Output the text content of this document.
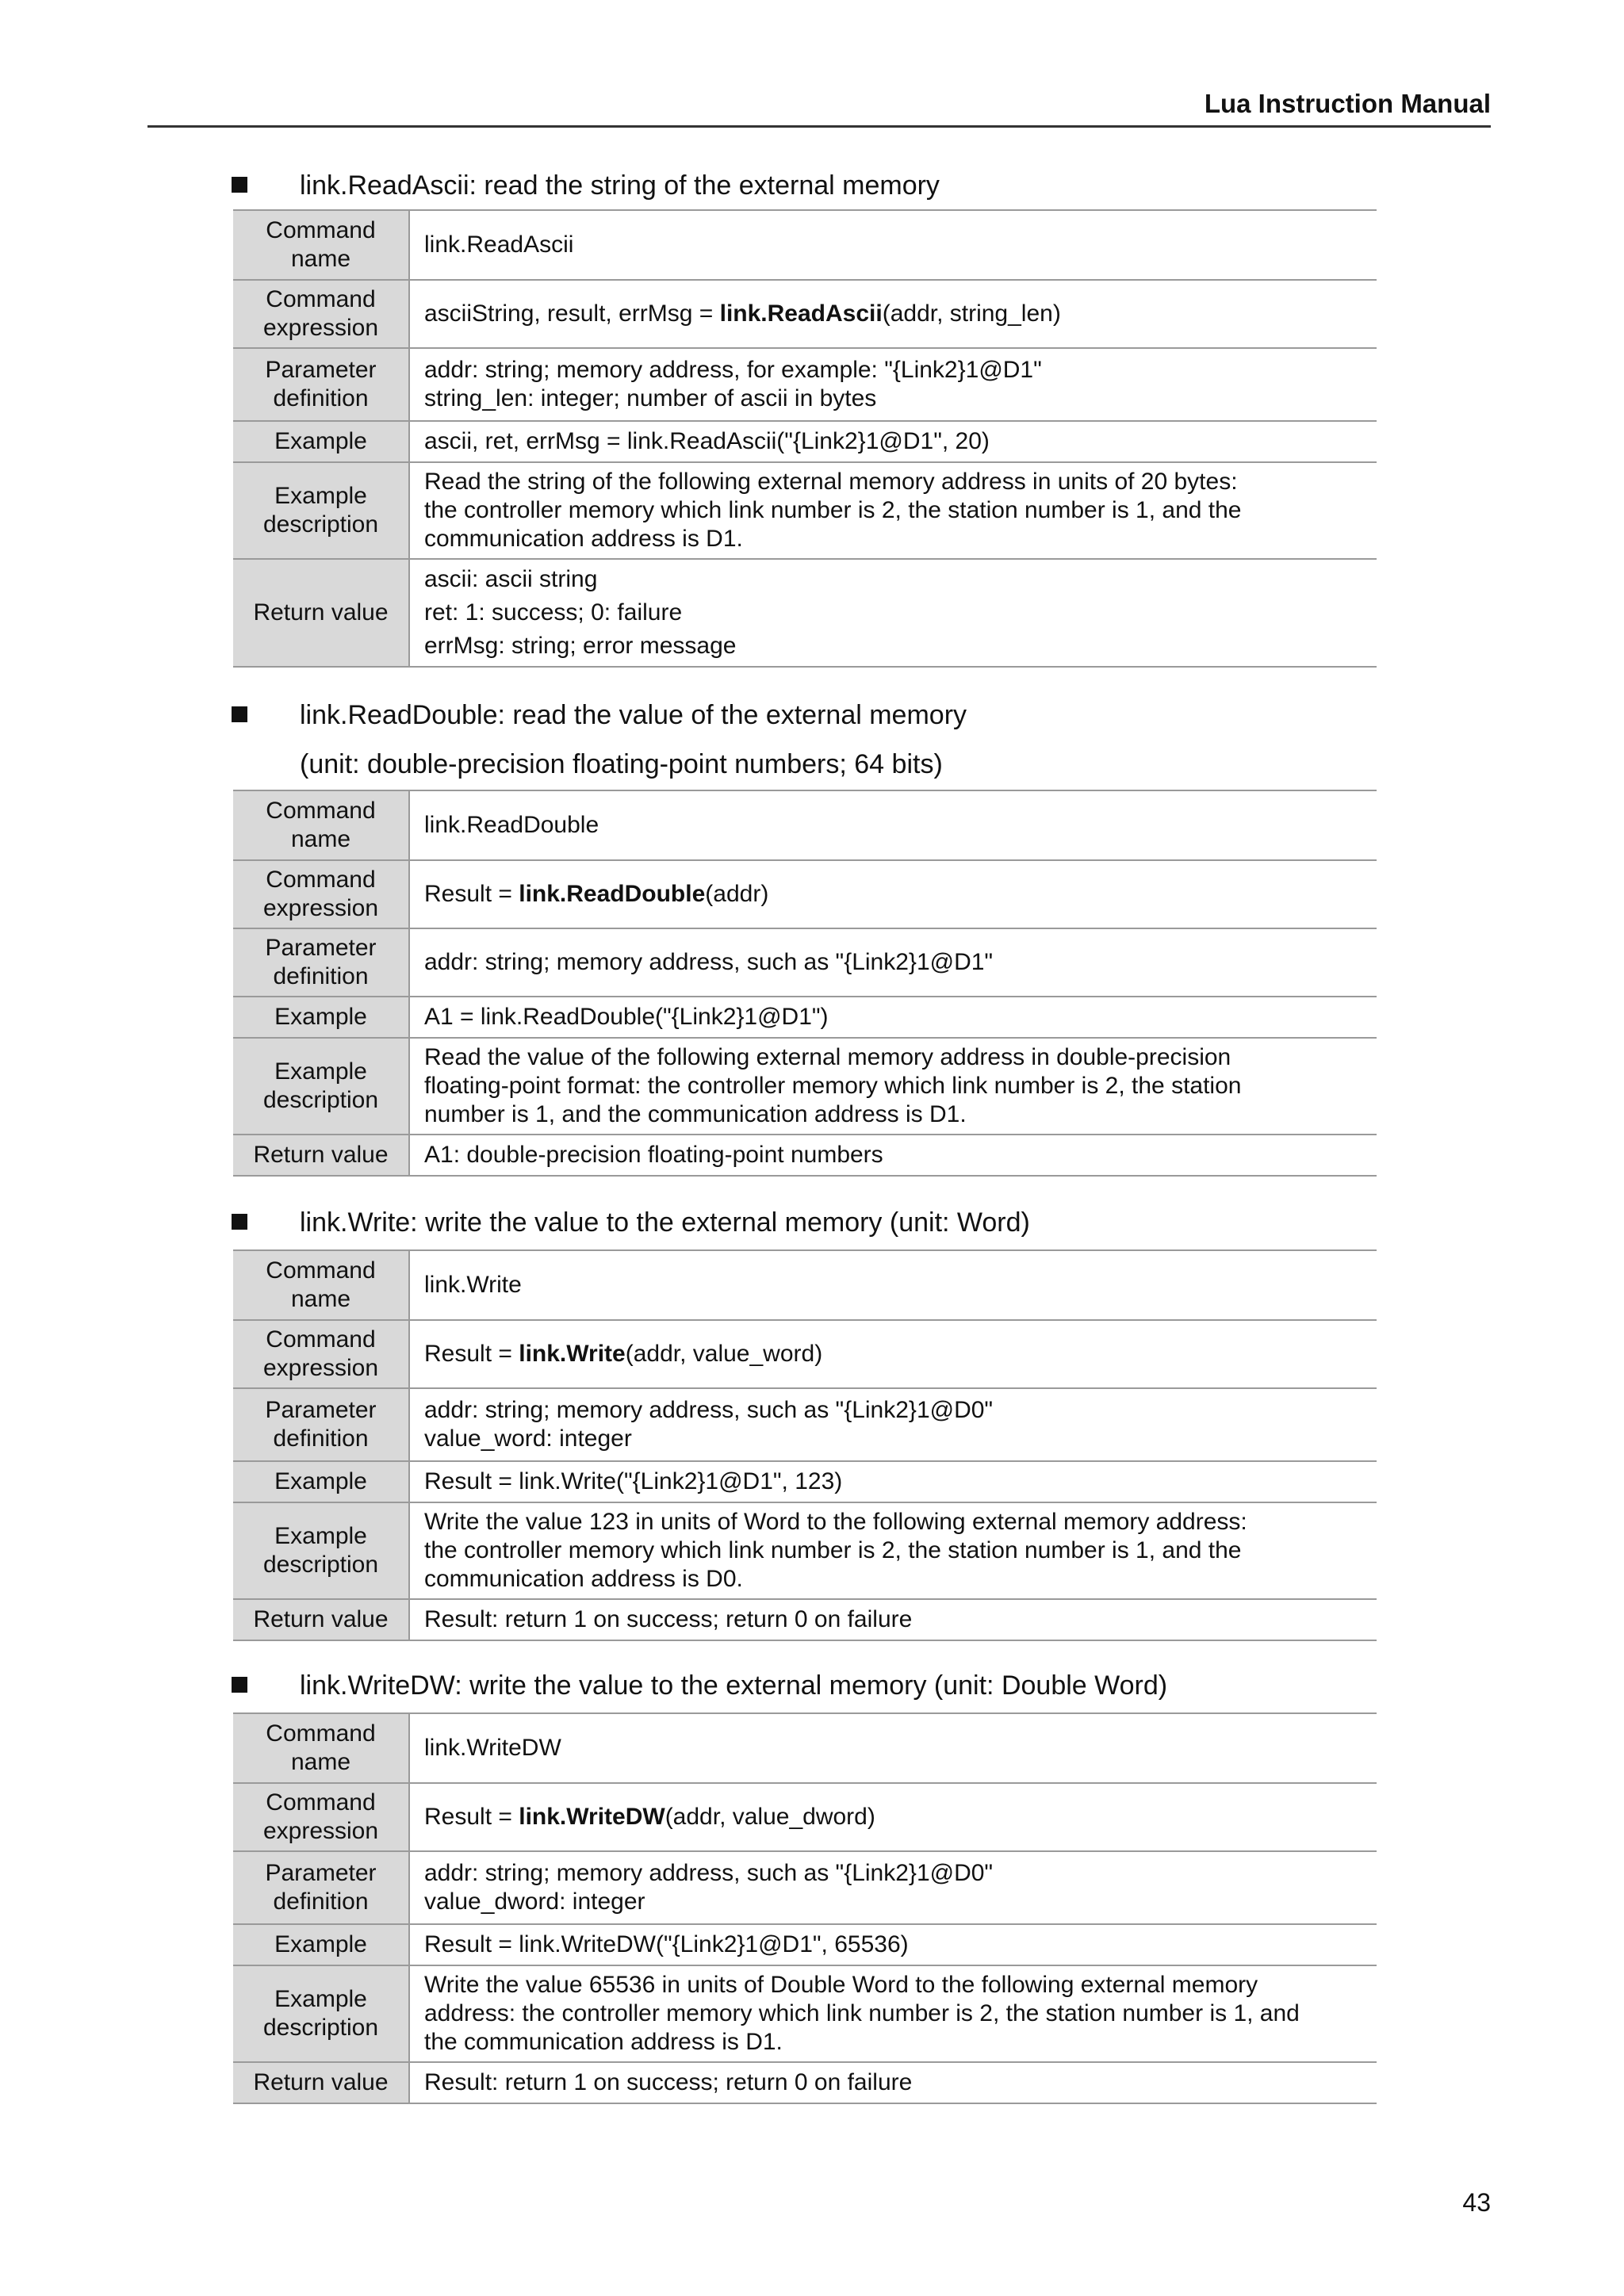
Lua Instruction Manual
link.ReadAscii: read the string of the external memory
Command name	link.ReadAscii
Command expression	asciiString, result, errMsg = link.ReadAscii(addr, string_len)
Parameter definition	addr: string; memory address, for example: "{Link2}1@D1"
string_len: integer; number of ascii in bytes

Example	ascii, ret, errMsg = link.ReadAscii("{Link2}1@D1", 20)
Example description	Read the string of the following external memory address in units of 20 bytes:
the controller memory which link number is 2, the station number is 1, and the
communication address is D1.

Return value	ascii: ascii string
ret: 1: success; 0: failure
errMsg: string; error message
link.ReadDouble: read the value of the external memory
(unit: double-precision floating-point numbers; 64 bits)
Command name	link.ReadDouble
Command expression	Result = link.ReadDouble(addr)
Parameter definition	addr: string; memory address, such as "{Link2}1@D1"
Example	A1 = link.ReadDouble("{Link2}1@D1")
Example description	Read the value of the following external memory address in double-precision
floating-point format: the controller memory which link number is 2, the station
number is 1, and the communication address is D1.

Return value	A1: double-precision floating-point numbers
link.Write: write the value to the external memory (unit: Word)
Command name	link.Write
Command expression	Result = link.Write(addr, value_word)
Parameter definition	addr: string; memory address, such as "{Link2}1@D0"
value_word: integer

Example	Result = link.Write("{Link2}1@D1", 123)
Example description	Write the value 123 in units of Word to the following external memory address:
the controller memory which link number is 2, the station number is 1, and the
communication address is D0.

Return value	Result: return 1 on success; return 0 on failure
link.WriteDW: write the value to the external memory (unit: Double Word)
Command name	link.WriteDW
Command expression	Result = link.WriteDW(addr, value_dword)
Parameter definition	addr: string; memory address, such as "{Link2}1@D0"
value_dword: integer

Example	Result = link.WriteDW("{Link2}1@D1", 65536)
Example description	Write the value 65536 in units of Double Word to the following external memory
address: the controller memory which link number is 2, the station number is 1, and
the communication address is D1.

Return value	Result: return 1 on success; return 0 on failure
43
